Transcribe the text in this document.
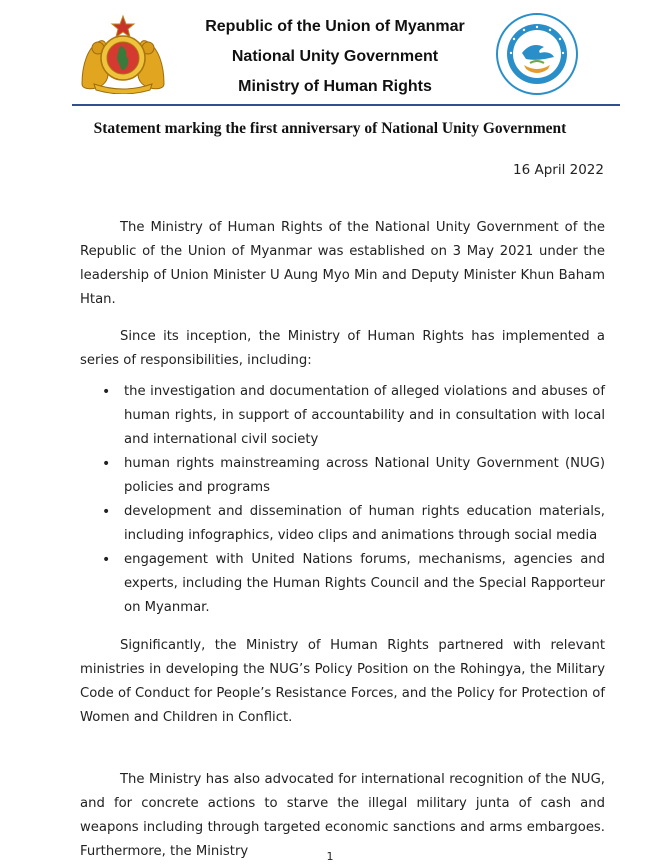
Republic of the Union of Myanmar
National Unity Government
Ministry of Human Rights
Statement marking the first anniversary of National Unity Government
16 April 2022

The Ministry of Human Rights of the National Unity Government of the Republic of the Union of Myanmar was established on 3 May 2021 under the leadership of Union Minister U Aung Myo Min and Deputy Minister Khun Baham Htan.

Since its inception, the Ministry of Human Rights has implemented a series of responsibilities, including:

• the investigation and documentation of alleged violations and abuses of human rights, in support of accountability and in consultation with local and international civil society
• human rights mainstreaming across National Unity Government (NUG) policies and programs
• development and dissemination of human rights education materials, including infographics, video clips and animations through social media
• engagement with United Nations forums, mechanisms, agencies and experts, including the Human Rights Council and the Special Rapporteur on Myanmar.

Significantly, the Ministry of Human Rights partnered with relevant ministries in developing the NUG’s Policy Position on the Rohingya, the Military Code of Conduct for People’s Resistance Forces, and the Policy for Protection of Women and Children in Conflict.

The Ministry has also advocated for international recognition of the NUG, and for concrete actions to starve the illegal military junta of cash and weapons including through targeted economic sanctions and arms embargoes. Furthermore, the Ministry	1
